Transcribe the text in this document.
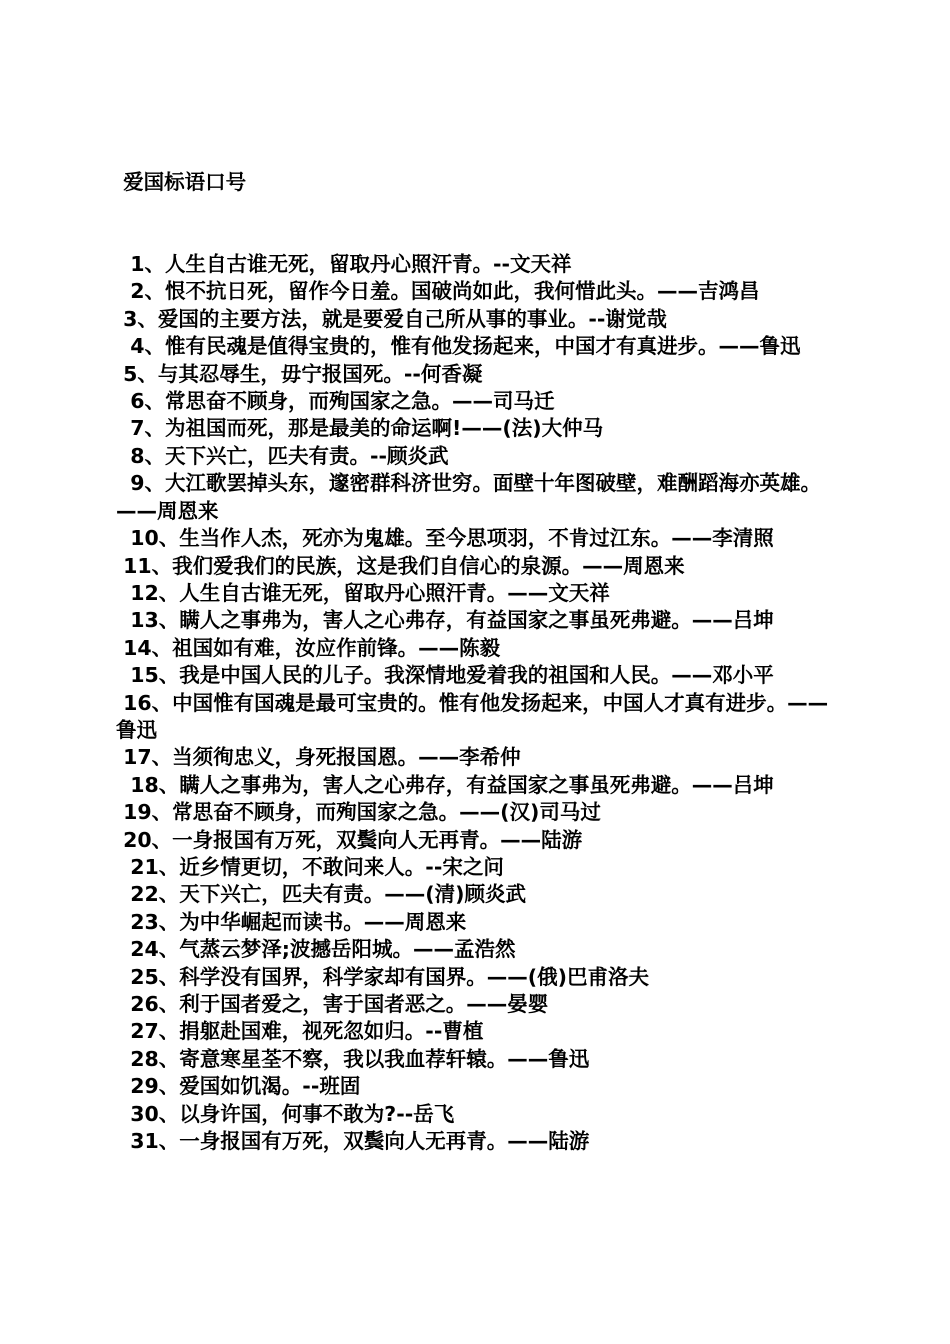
爱国标语口号

1、人生自古谁无死，留取丹心照汗青。--文天祥
2、恨不抗日死，留作今日羞。国破尚如此，我何惜此头。——吉鸿昌
3、爱国的主要方法，就是要爱自己所从事的事业。--谢觉哉
4、惟有民魂是值得宝贵的，惟有他发扬起来，中国才有真进步。——鲁迅
5、与其忍辱生，毋宁报国死。--何香凝
6、常思奋不顾身，而殉国家之急。——司马迁
7、为祖国而死，那是最美的命运啊!——(法)大仲马
8、天下兴亡，匹夫有责。--顾炎武
9、大江歌罢掉头东，邃密群科济世穷。面壁十年图破壁，难酬蹈海亦英雄。——周恩来
10、生当作人杰，死亦为鬼雄。至今思项羽，不肯过江东。——李清照
11、我们爱我们的民族，这是我们自信心的泉源。——周恩来
12、人生自古谁无死，留取丹心照汗青。——文天祥
13、瞒人之事弗为，害人之心弗存，有益国家之事虽死弗避。——吕坤
14、祖国如有难，汝应作前锋。——陈毅
15、我是中国人民的儿子。我深情地爱着我的祖国和人民。——邓小平
16、中国惟有国魂是最可宝贵的。惟有他发扬起来，中国人才真有进步。——鲁迅
17、当须徇忠义，身死报国恩。——李希仲
18、瞒人之事弗为，害人之心弗存，有益国家之事虽死弗避。——吕坤
19、常思奋不顾身，而殉国家之急。——(汉)司马过
20、一身报国有万死，双鬓向人无再青。——陆游
21、近乡情更切，不敢问来人。--宋之问
22、天下兴亡，匹夫有责。——(清)顾炎武
23、为中华崛起而读书。——周恩来
24、气蒸云梦泽;波撼岳阳城。——孟浩然
25、科学没有国界，科学家却有国界。——(俄)巴甫洛夫
26、利于国者爱之，害于国者恶之。——晏婴
27、捐躯赴国难，视死忽如归。--曹植
28、寄意寒星荃不察，我以我血荐轩辕。——鲁迅
29、爱国如饥渴。--班固
30、以身许国，何事不敢为?--岳飞
31、一身报国有万死，双鬓向人无再青。——陆游
